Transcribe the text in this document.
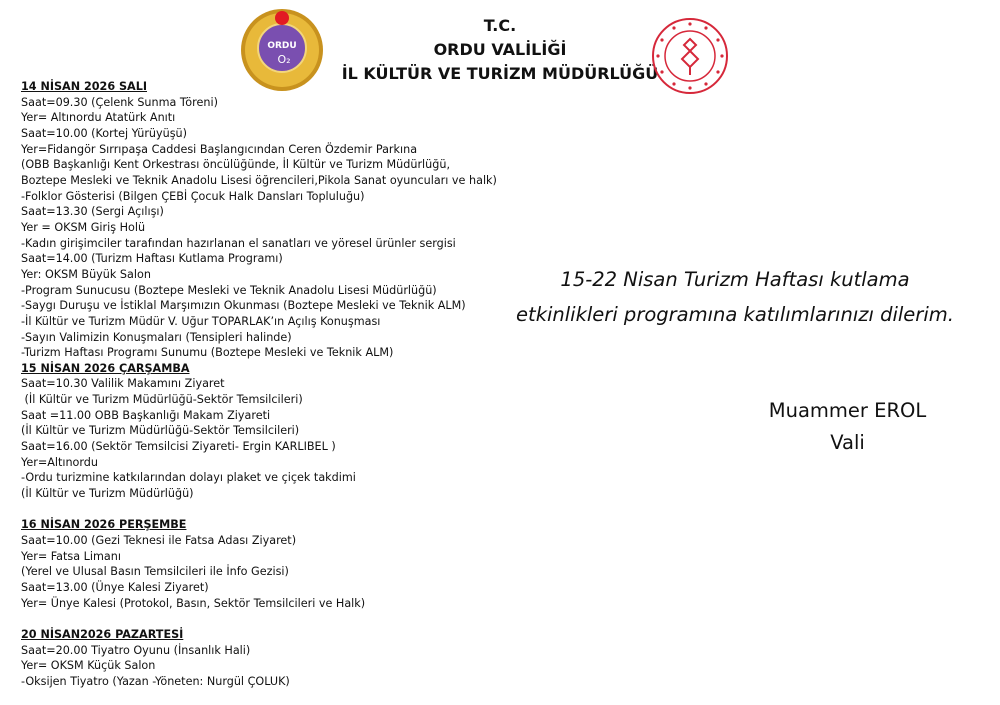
ORDU
O₂
T.C.
ORDU VALİLİĞİ
İL KÜLTÜR VE TURİZM MÜDÜRLÜĞÜ
14 NİSAN 2026 SALI
Saat=09.30 (Çelenk Sunma Töreni)
Yer= Altınordu Atatürk Anıtı
Saat=10.00 (Kortej Yürüyüşü)
Yer=Fidangör Sırrıpaşa Caddesi Başlangıcından Ceren Özdemir Parkına
(OBB Başkanlığı Kent Orkestrası öncülüğünde, İl Kültür ve Turizm Müdürlüğü,
Boztepe Mesleki ve Teknik Anadolu Lisesi öğrencileri,Pikola Sanat oyuncuları ve halk)
-Folklor Gösterisi (Bilgen ÇEBİ Çocuk Halk Dansları Topluluğu)
Saat=13.30 (Sergi Açılışı)
Yer = OKSM Giriş Holü
-Kadın girişimciler tarafından hazırlanan el sanatları ve yöresel ürünler sergisi
Saat=14.00 (Turizm Haftası Kutlama Programı)
Yer: OKSM Büyük Salon
-Program Sunucusu (Boztepe Mesleki ve Teknik Anadolu Lisesi Müdürlüğü)
-Saygı Duruşu ve İstiklal Marşımızın Okunması (Boztepe Mesleki ve Teknik ALM)
-İl Kültür ve Turizm Müdür V. Uğur TOPARLAK’ın Açılış Konuşması
-Sayın Valimizin Konuşmaları (Tensipleri halinde)
-Turizm Haftası Programı Sunumu (Boztepe Mesleki ve Teknik ALM)
15 NİSAN 2026 ÇARŞAMBA
Saat=10.30 Valilik Makamını Ziyaret
(İl Kültür ve Turizm Müdürlüğü-Sektör Temsilcileri)
Saat =11.00 OBB Başkanlığı Makam Ziyareti
(İl Kültür ve Turizm Müdürlüğü-Sektör Temsilcileri)
Saat=16.00 (Sektör Temsilcisi Ziyareti- Ergin KARLIBEL )
Yer=Altınordu
-Ordu turizmine katkılarından dolayı plaket ve çiçek takdimi
(İl Kültür ve Turizm Müdürlüğü)
16 NİSAN 2026 PERŞEMBE
Saat=10.00 (Gezi Teknesi ile Fatsa Adası Ziyaret)
Yer= Fatsa Limanı
(Yerel ve Ulusal Basın Temsilcileri ile İnfo Gezisi)
Saat=13.00 (Ünye Kalesi Ziyaret)
Yer= Ünye Kalesi (Protokol, Basın, Sektör Temsilcileri ve Halk)
20 NİSAN2026 PAZARTESİ
Saat=20.00 Tiyatro Oyunu (İnsanlık Hali)
Yer= OKSM Küçük Salon
-Oksijen Tiyatro (Yazan -Yöneten: Nurgül ÇOLUK)
15-22 Nisan Turizm Haftası kutlama
etkinlikleri programına katılımlarınızı dilerim.
Muammer EROL
Vali
